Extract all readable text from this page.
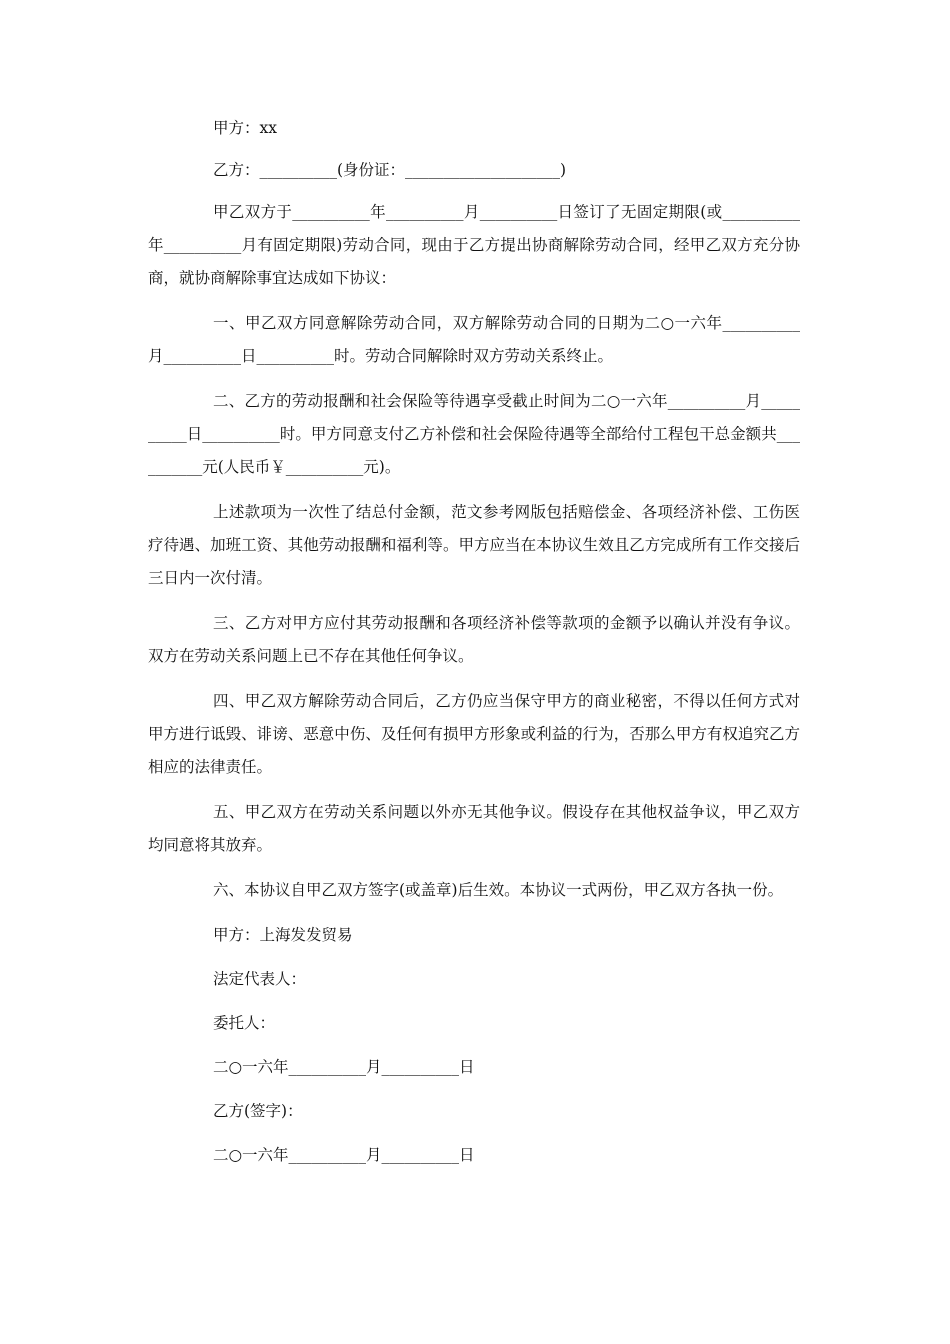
甲方：xx

乙方：__________(身份证：____________________)

甲乙双方于__________年__________月__________日签订了无固定期限(或__________年__________月有固定期限)劳动合同，现由于乙方提出协商解除劳动合同，经甲乙双方充分协商，就协商解除事宜达成如下协议：

一、甲乙双方同意解除劳动合同，双方解除劳动合同的日期为二○一六年__________月__________日__________时。劳动合同解除时双方劳动关系终止。

二、乙方的劳动报酬和社会保险等待遇享受截止时间为二○一六年__________月__________日__________时。甲方同意支付乙方补偿和社会保险待遇等全部给付工程包干总金额共__________元(人民币￥__________元)。

上述款项为一次性了结总付金额，范文参考网版包括赔偿金、各项经济补偿、工伤医疗待遇、加班工资、其他劳动报酬和福利等。甲方应当在本协议生效且乙方完成所有工作交接后三日内一次付清。

三、乙方对甲方应付其劳动报酬和各项经济补偿等款项的金额予以确认并没有争议。双方在劳动关系问题上已不存在其他任何争议。

四、甲乙双方解除劳动合同后，乙方仍应当保守甲方的商业秘密，不得以任何方式对甲方进行诋毁、诽谤、恶意中伤、及任何有损甲方形象或利益的行为，否那么甲方有权追究乙方相应的法律责任。

五、甲乙双方在劳动关系问题以外亦无其他争议。假设存在其他权益争议，甲乙双方均同意将其放弃。

六、本协议自甲乙双方签字(或盖章)后生效。本协议一式两份，甲乙双方各执一份。

甲方：上海发发贸易

法定代表人：

委托人：

二○一六年__________月__________日

乙方(签字)：

二○一六年__________月__________日
